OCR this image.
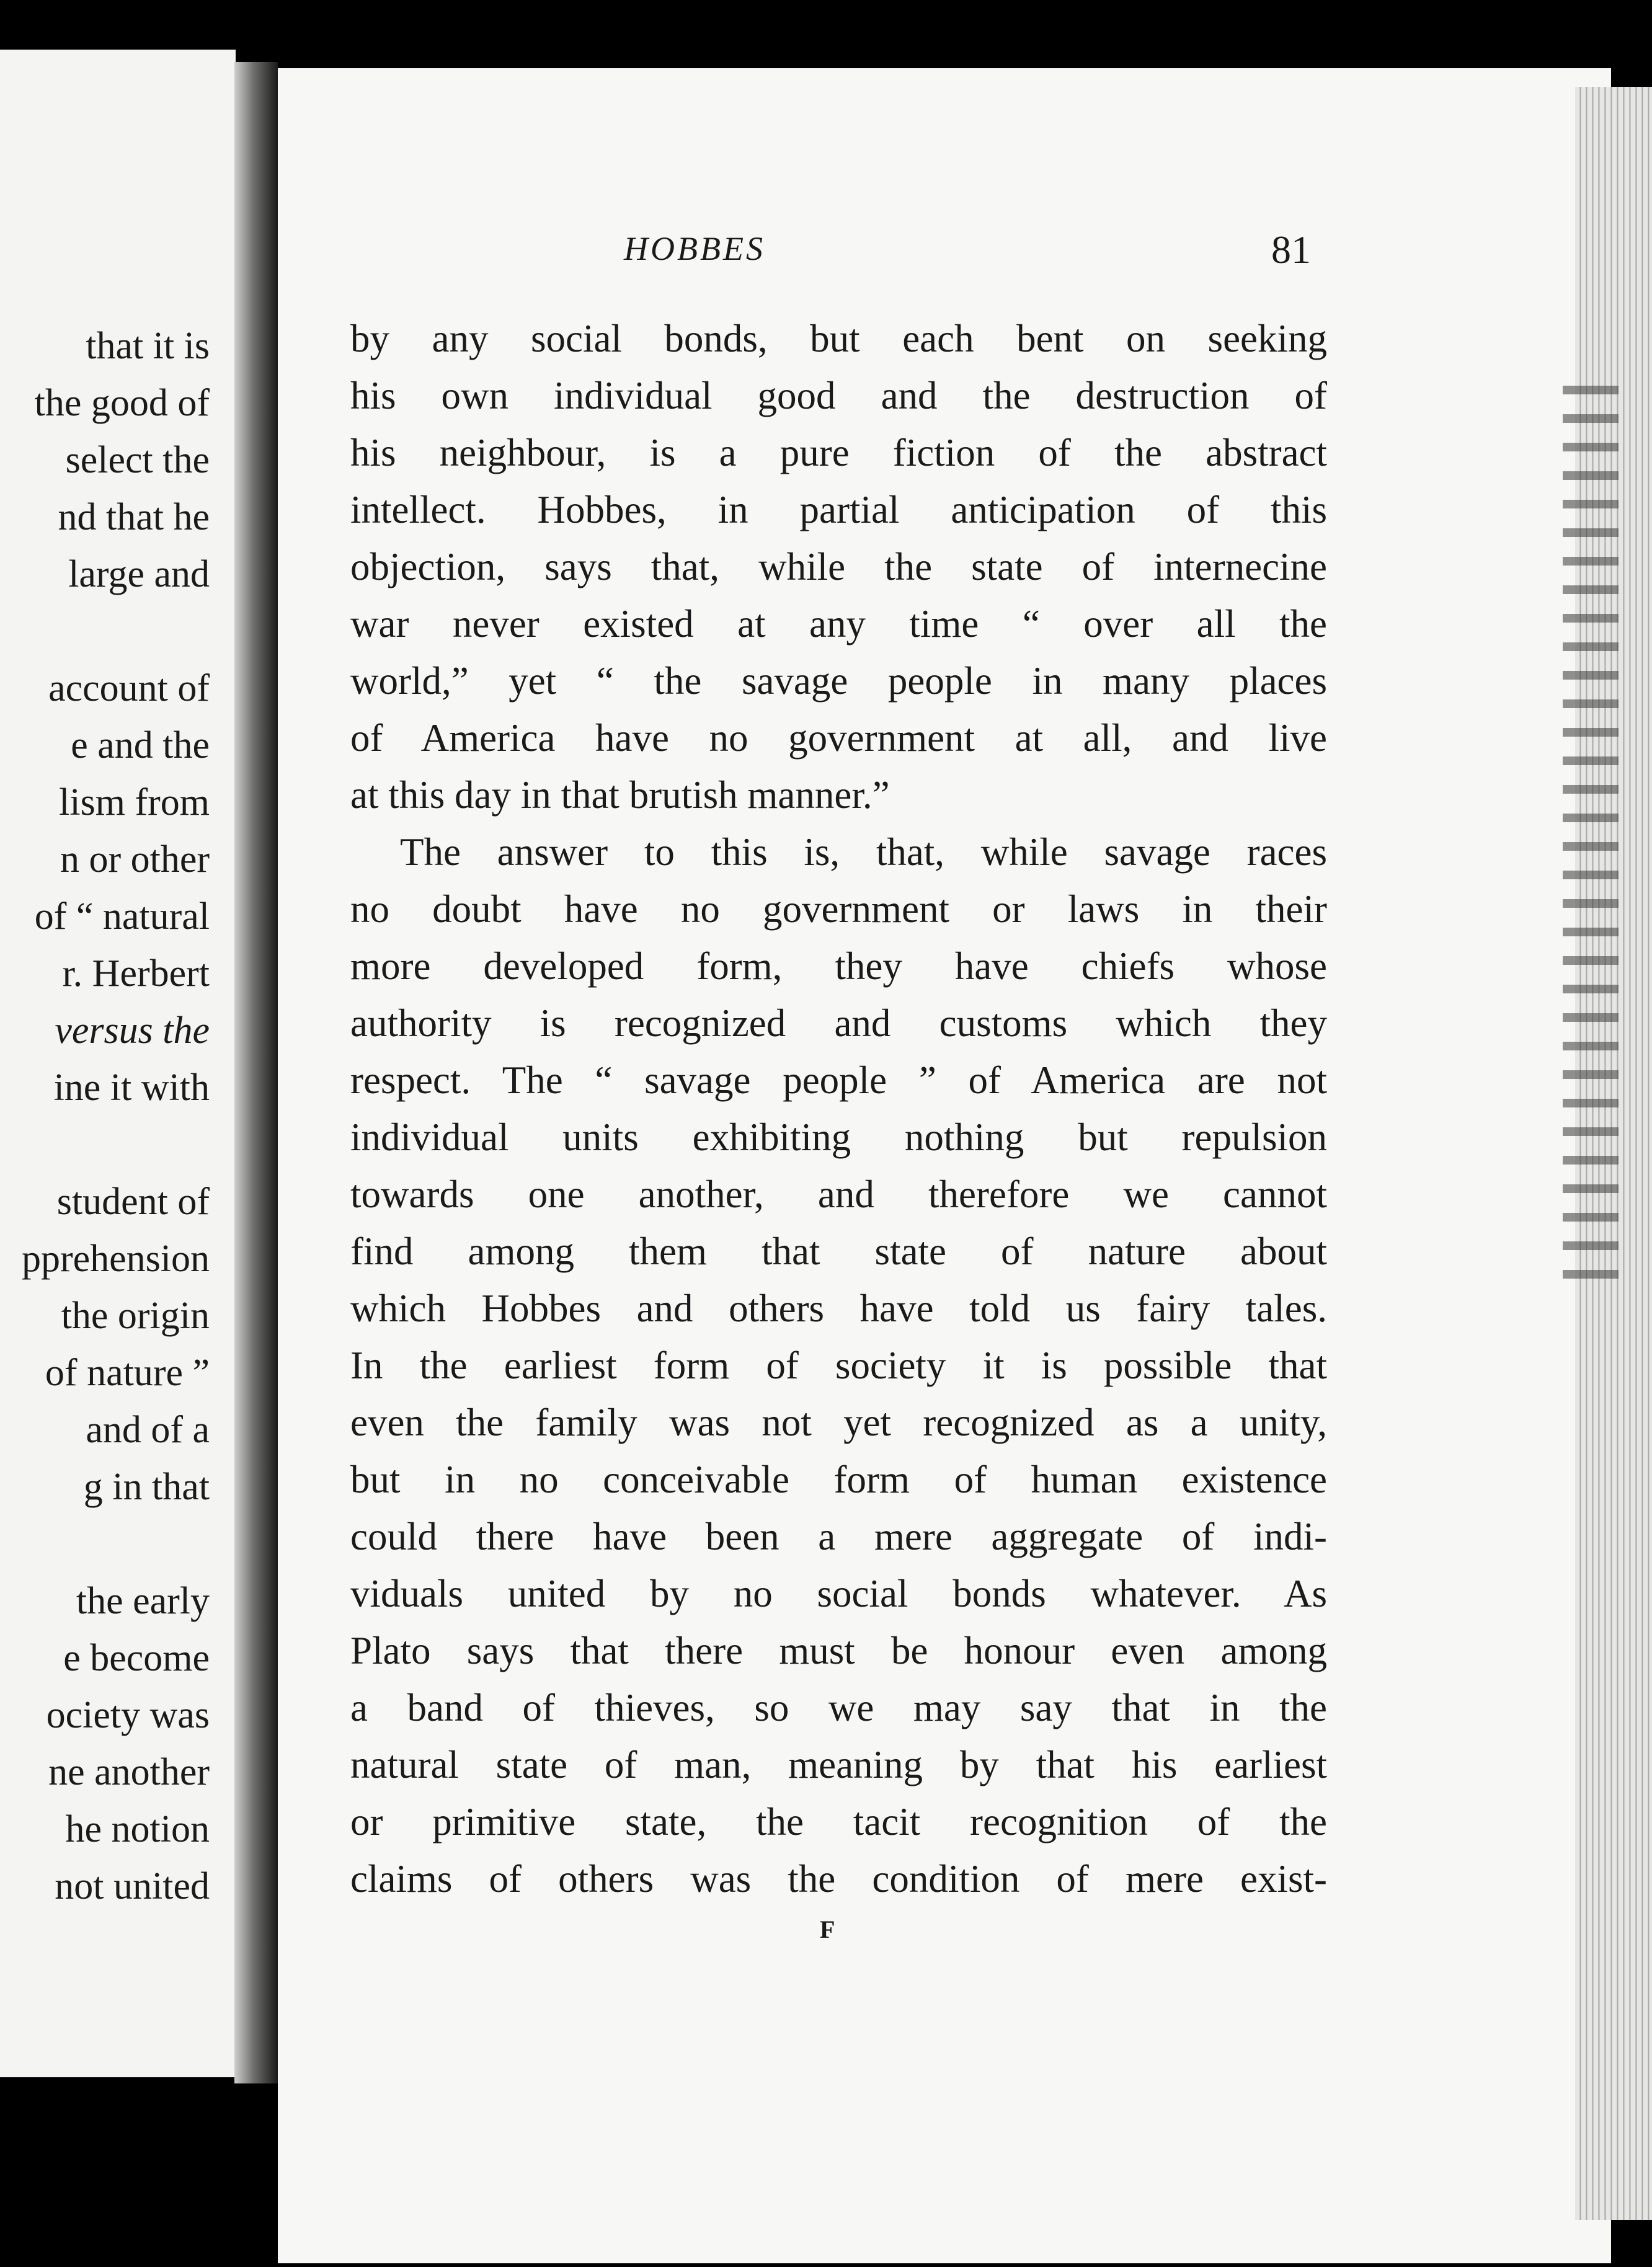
that it is
the good of
select the
nd that he
large and
account of
e and the
lism from
n or other
of “ natural
r. Herbert
versus the
ine it with
student of
pprehension
the origin
of nature ”
and of a
g in that
the early
e become
ociety was
ne another
he notion
not united
HOBBES	81
by any social bonds, but each bent on seeking
his own individual good and the destruction of
his neighbour, is a pure fiction of the abstract
intellect. Hobbes, in partial anticipation of this
objection, says that, while the state of internecine
war never existed at any time “ over all the
world,” yet “ the savage people in many places
of America have no government at all, and live
at this day in that brutish manner.”
The answer to this is, that, while savage races
no doubt have no government or laws in their
more developed form, they have chiefs whose
authority is recognized and customs which they
respect. The “ savage people ” of America are not
individual units exhibiting nothing but repulsion
towards one another, and therefore we cannot
find among them that state of nature about
which Hobbes and others have told us fairy tales.
In the earliest form of society it is possible that
even the family was not yet recognized as a unity,
but in no conceivable form of human existence
could there have been a mere aggregate of indi-
viduals united by no social bonds whatever. As
Plato says that there must be honour even among
a band of thieves, so we may say that in the
natural state of man, meaning by that his earliest
or primitive state, the tacit recognition of the
claims of others was the condition of mere exist-
F
